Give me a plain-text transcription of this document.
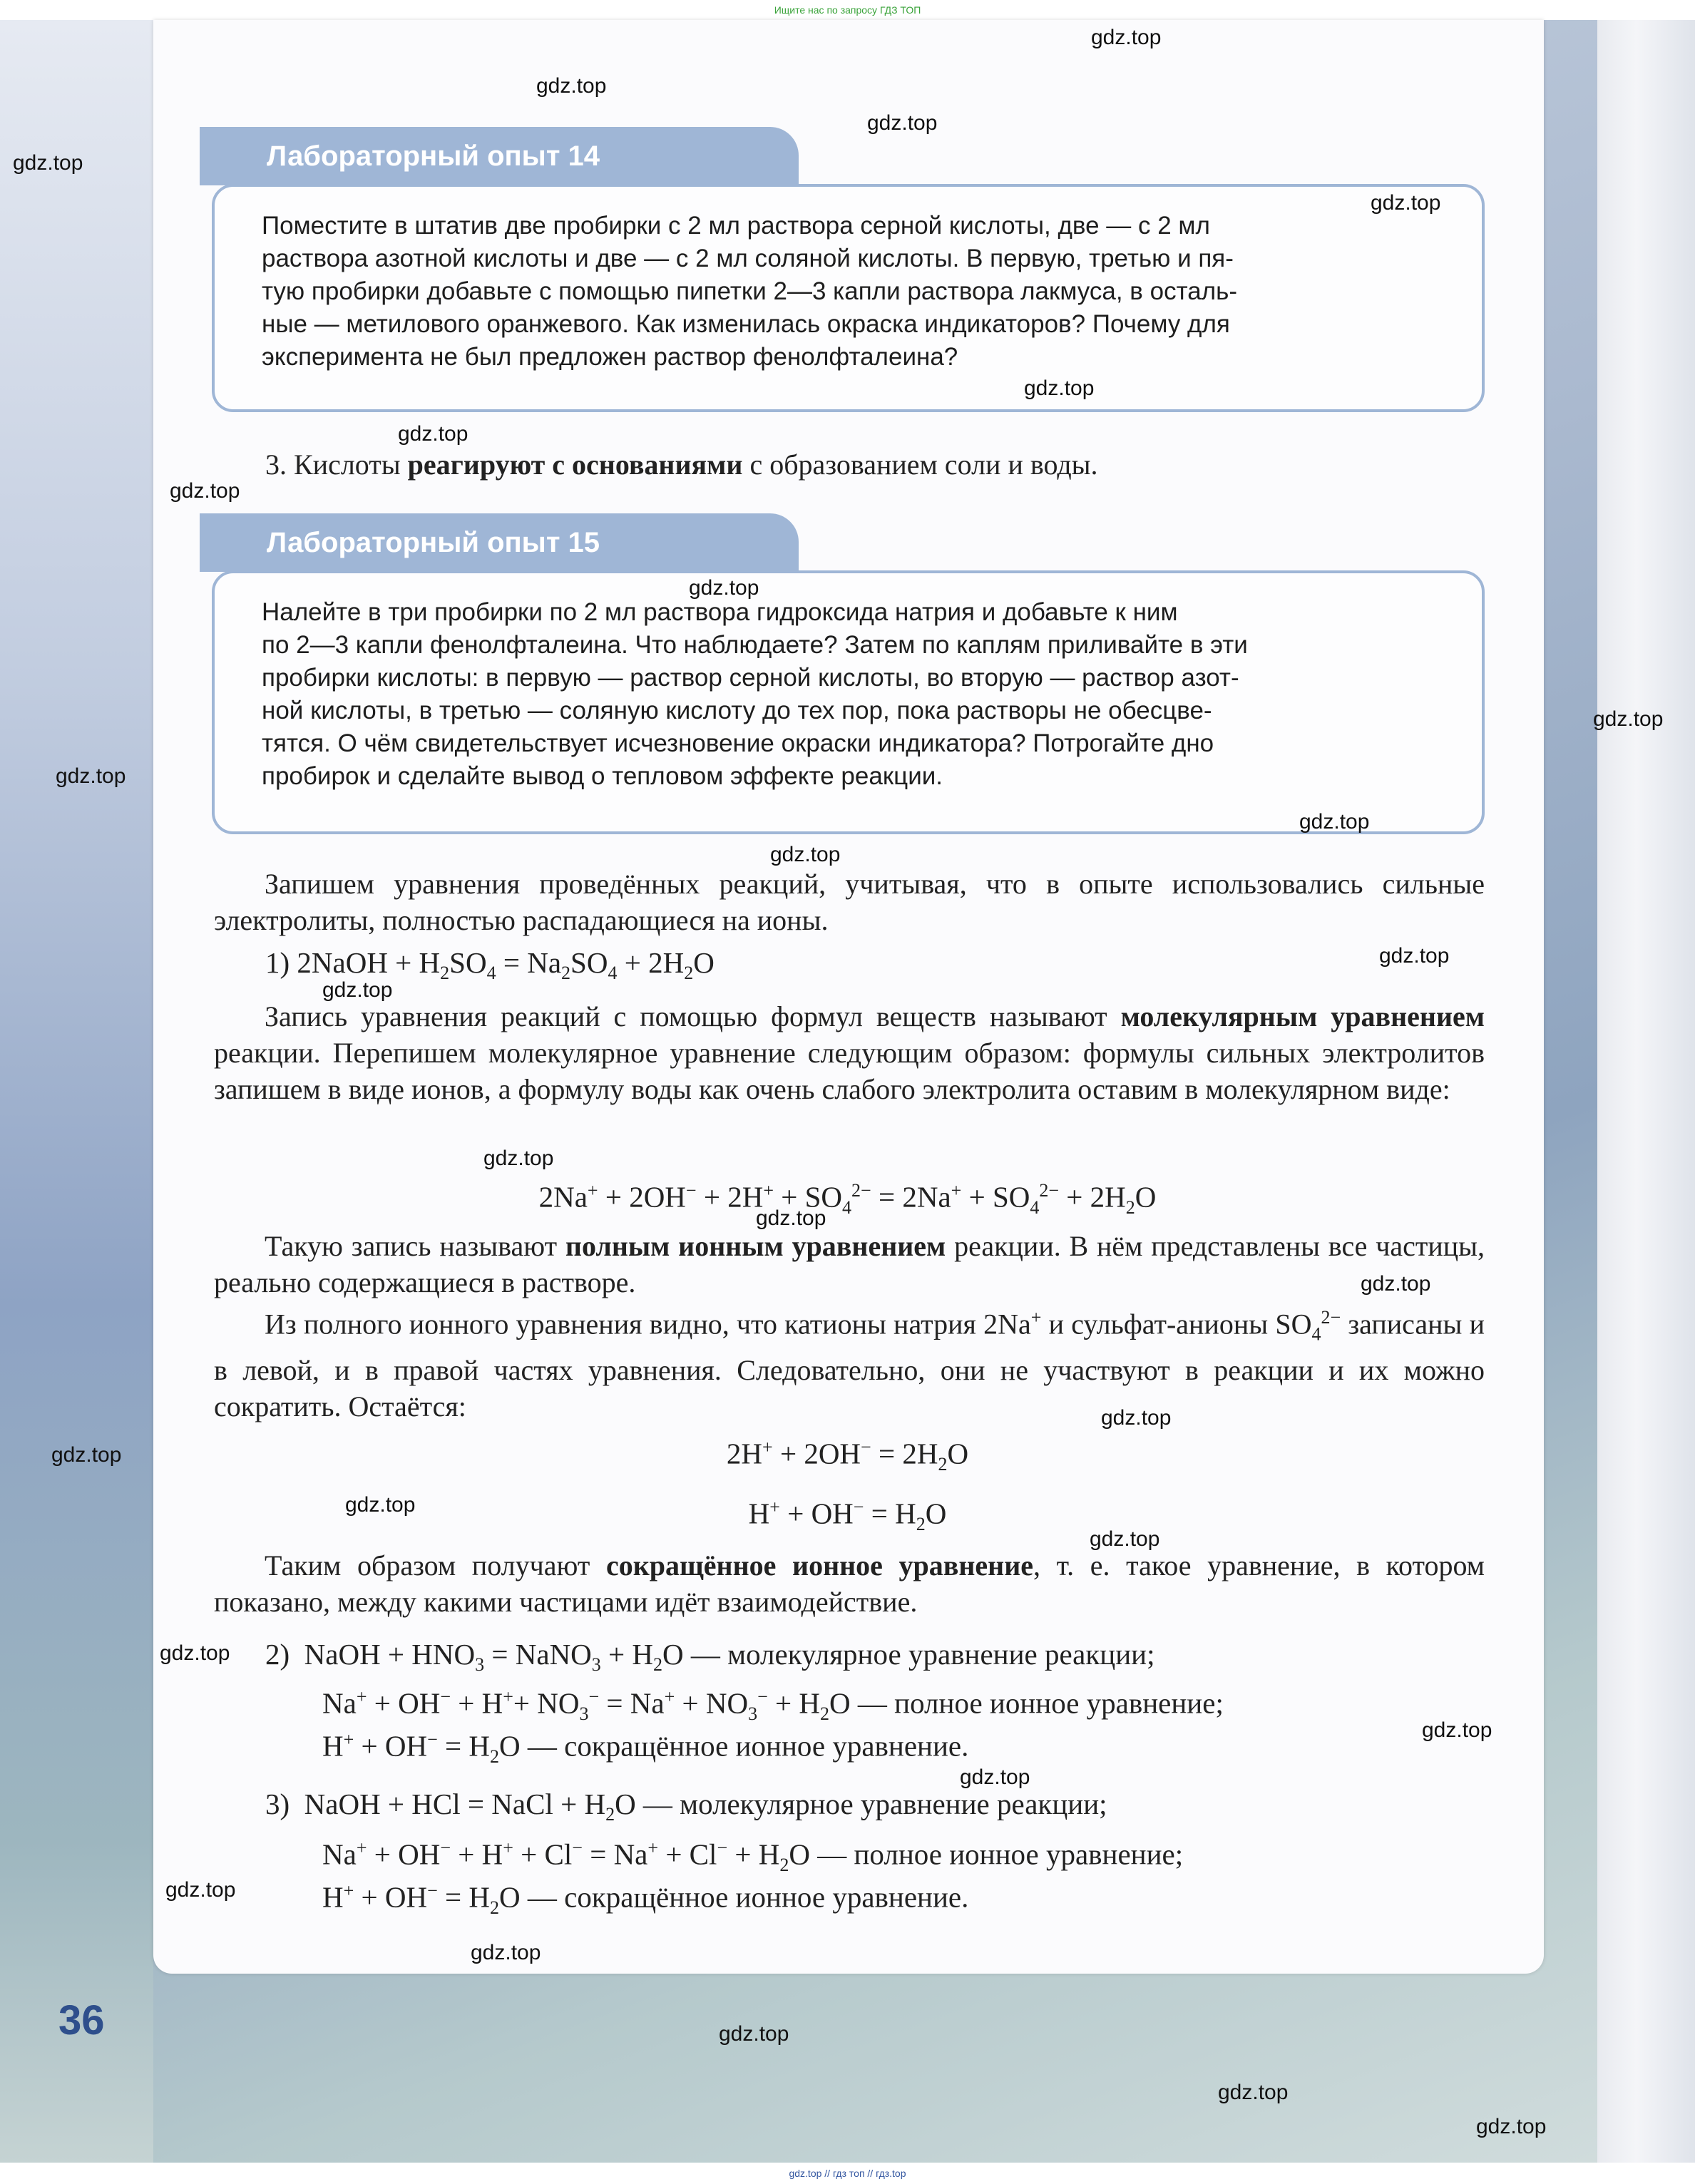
Ищите нас по запросу ГДЗ ТОП
gdz.top // гдз топ // гдз.top
Лабораторный опыт 14

Поместите в штатив две пробирки с 2 мл раствора серной кислоты, две — с 2 мл

раствора азотной кислоты и две — с 2 мл соляной кислоты. В первую, третью и пя-

тую пробирки добавьте с помощью пипетки 2—3 капли раствора лакмуса, в осталь-

ные — метилового оранжевого. Как изменилась окраска индикаторов? Почему для

эксперимента не был предложен раствор фенолфталеина?

3. Кислоты реагируют с основаниями с образованием соли и воды.

Лабораторный опыт 15

Налейте в три пробирки по 2 мл раствора гидроксида натрия и добавьте к ним

по 2—3 капли фенолфталеина. Что наблюдаете? Затем по каплям приливайте в эти

пробирки кислоты: в первую — раствор серной кислоты, во вторую — раствор азот-

ной кислоты, в третью — соляную кислоту до тех пор, пока растворы не обесцве-

тятся. О чём свидетельствует исчезновение окраски индикатора? Потрогайте дно

пробирок и сделайте вывод о тепловом эффекте реакции.

Запишем уравнения проведённых реакций, учитывая, что в опыте использовались сильные электролиты, полностью распадающиеся на ионы.

1) 2NaOH + $H_2SO_4 = Na_2SO_4 + 2H_2O$

Запись уравнения реакций с помощью формул веществ называют молекулярным уравнением реакции. Перепишем молекулярное уравнение следующим образом: формулы сильных электролитов запишем в виде ионов, а формулу воды как очень слабого электролита оставим в молекулярном виде:

$2Na^+ + 2OH^- + 2H^+ + SO_4^{2-} = 2Na^+ + SO_4^{2-} + 2H_2O$

Такую запись называют полным ионным уравнением реакции. В нём представлены все частицы, реально содержащиеся в растворе.

Из полного ионного уравнения видно, что катионы натрия 2Na+ и сульфат-анионы $SO_4^{2-}$ записаны и в левой, и в правой частях уравнения. Следовательно, они не участвуют в реакции и их можно сократить. Остаётся:

$2H^+ + 2OH^- = 2H_2O$
$H^+ + OH^- = H_2O$

Таким образом получают сокращённое ионное уравнение, т. е. такое уравнение, в котором показано, между какими частицами идёт взаимодействие.

2)  NaOH + $HNO_3$ = NaNO$_3$ + $H_2O$ — молекулярное уравнение реакции;
$Na^+ + OH^- + H^++ NO_3^- = Na^+ + NO_3^- + H_2O$ — полное ионное уравнение;
$H^+ + OH^- = H_2O$ — сокращённое ионное уравнение.
3)  NaOH + HCl = NaCl + $H_2O$ — молекулярное уравнение реакции;
$Na^+ + OH^- + H^+ + Cl^- = Na^+ + Cl^- + H_2O$ — полное ионное уравнение;
$H^+ + OH^- = H_2O$ — сокращённое ионное уравнение.
36
gdz.top
gdz.top
gdz.top
gdz.top
gdz.top
gdz.top
gdz.top
gdz.top
gdz.top
gdz.top
gdz.top
gdz.top
gdz.top
gdz.top
gdz.top
gdz.top
gdz.top
gdz.top
gdz.top
gdz.top
gdz.top
gdz.top
gdz.top
gdz.top
gdz.top
gdz.top
gdz.top
gdz.top
gdz.top
gdz.top
